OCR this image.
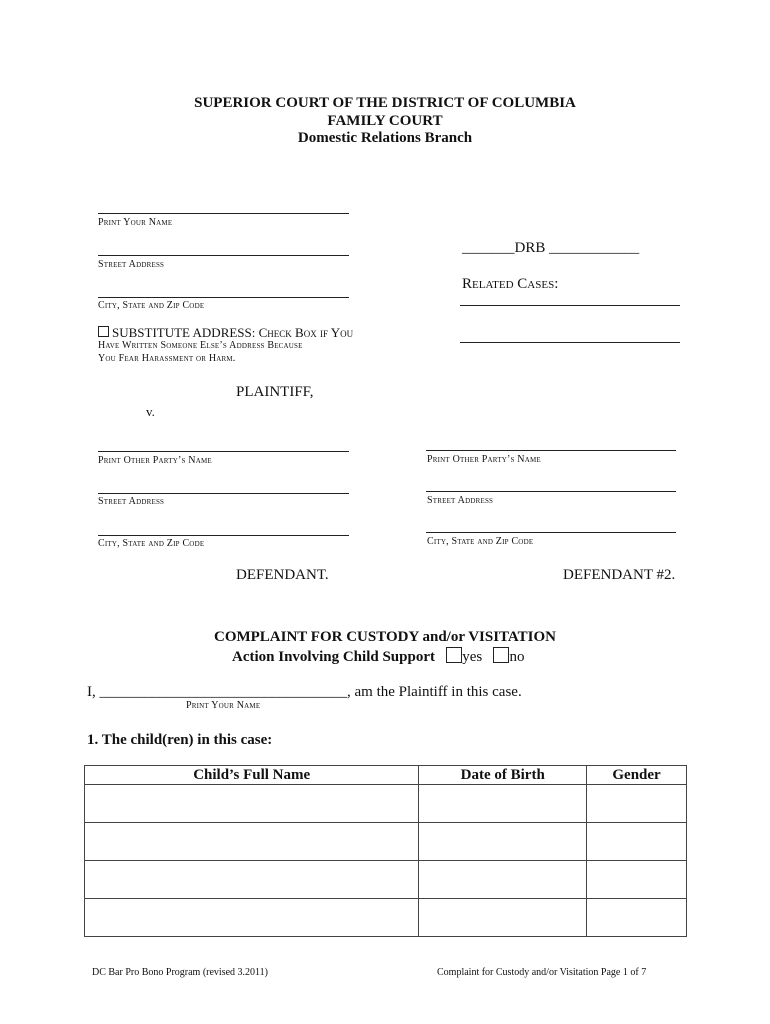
SUPERIOR COURT OF THE DISTRICT OF COLUMBIA
FAMILY COURT
Domestic Relations Branch
Print Your Name
Street Address
City, State and Zip Code
SUBSTITUTE ADDRESS: Check Box if You
Have Written Someone Else’s Address Because
You Fear Harassment or Harm.
PLAINTIFF,
v.
_______DRB ____________
Related Cases:
Print Other Party’s Name
Street Address
City, State and Zip Code
DEFENDANT.
Print Other Party’s Name
Street Address
City, State and Zip Code
DEFENDANT #2.
COMPLAINT FOR CUSTODY and/or VISITATION
Action Involving Child Support yes no
I, _________________________________, am the Plaintiff in this case.
Print Your Name
1. The child(ren) in this case:
Child’s Full Name	Date of Birth	Gender

DC Bar Pro Bono Program (revised 3.2011)	Complaint for Custody and/or Visitation Page 1 of 7
